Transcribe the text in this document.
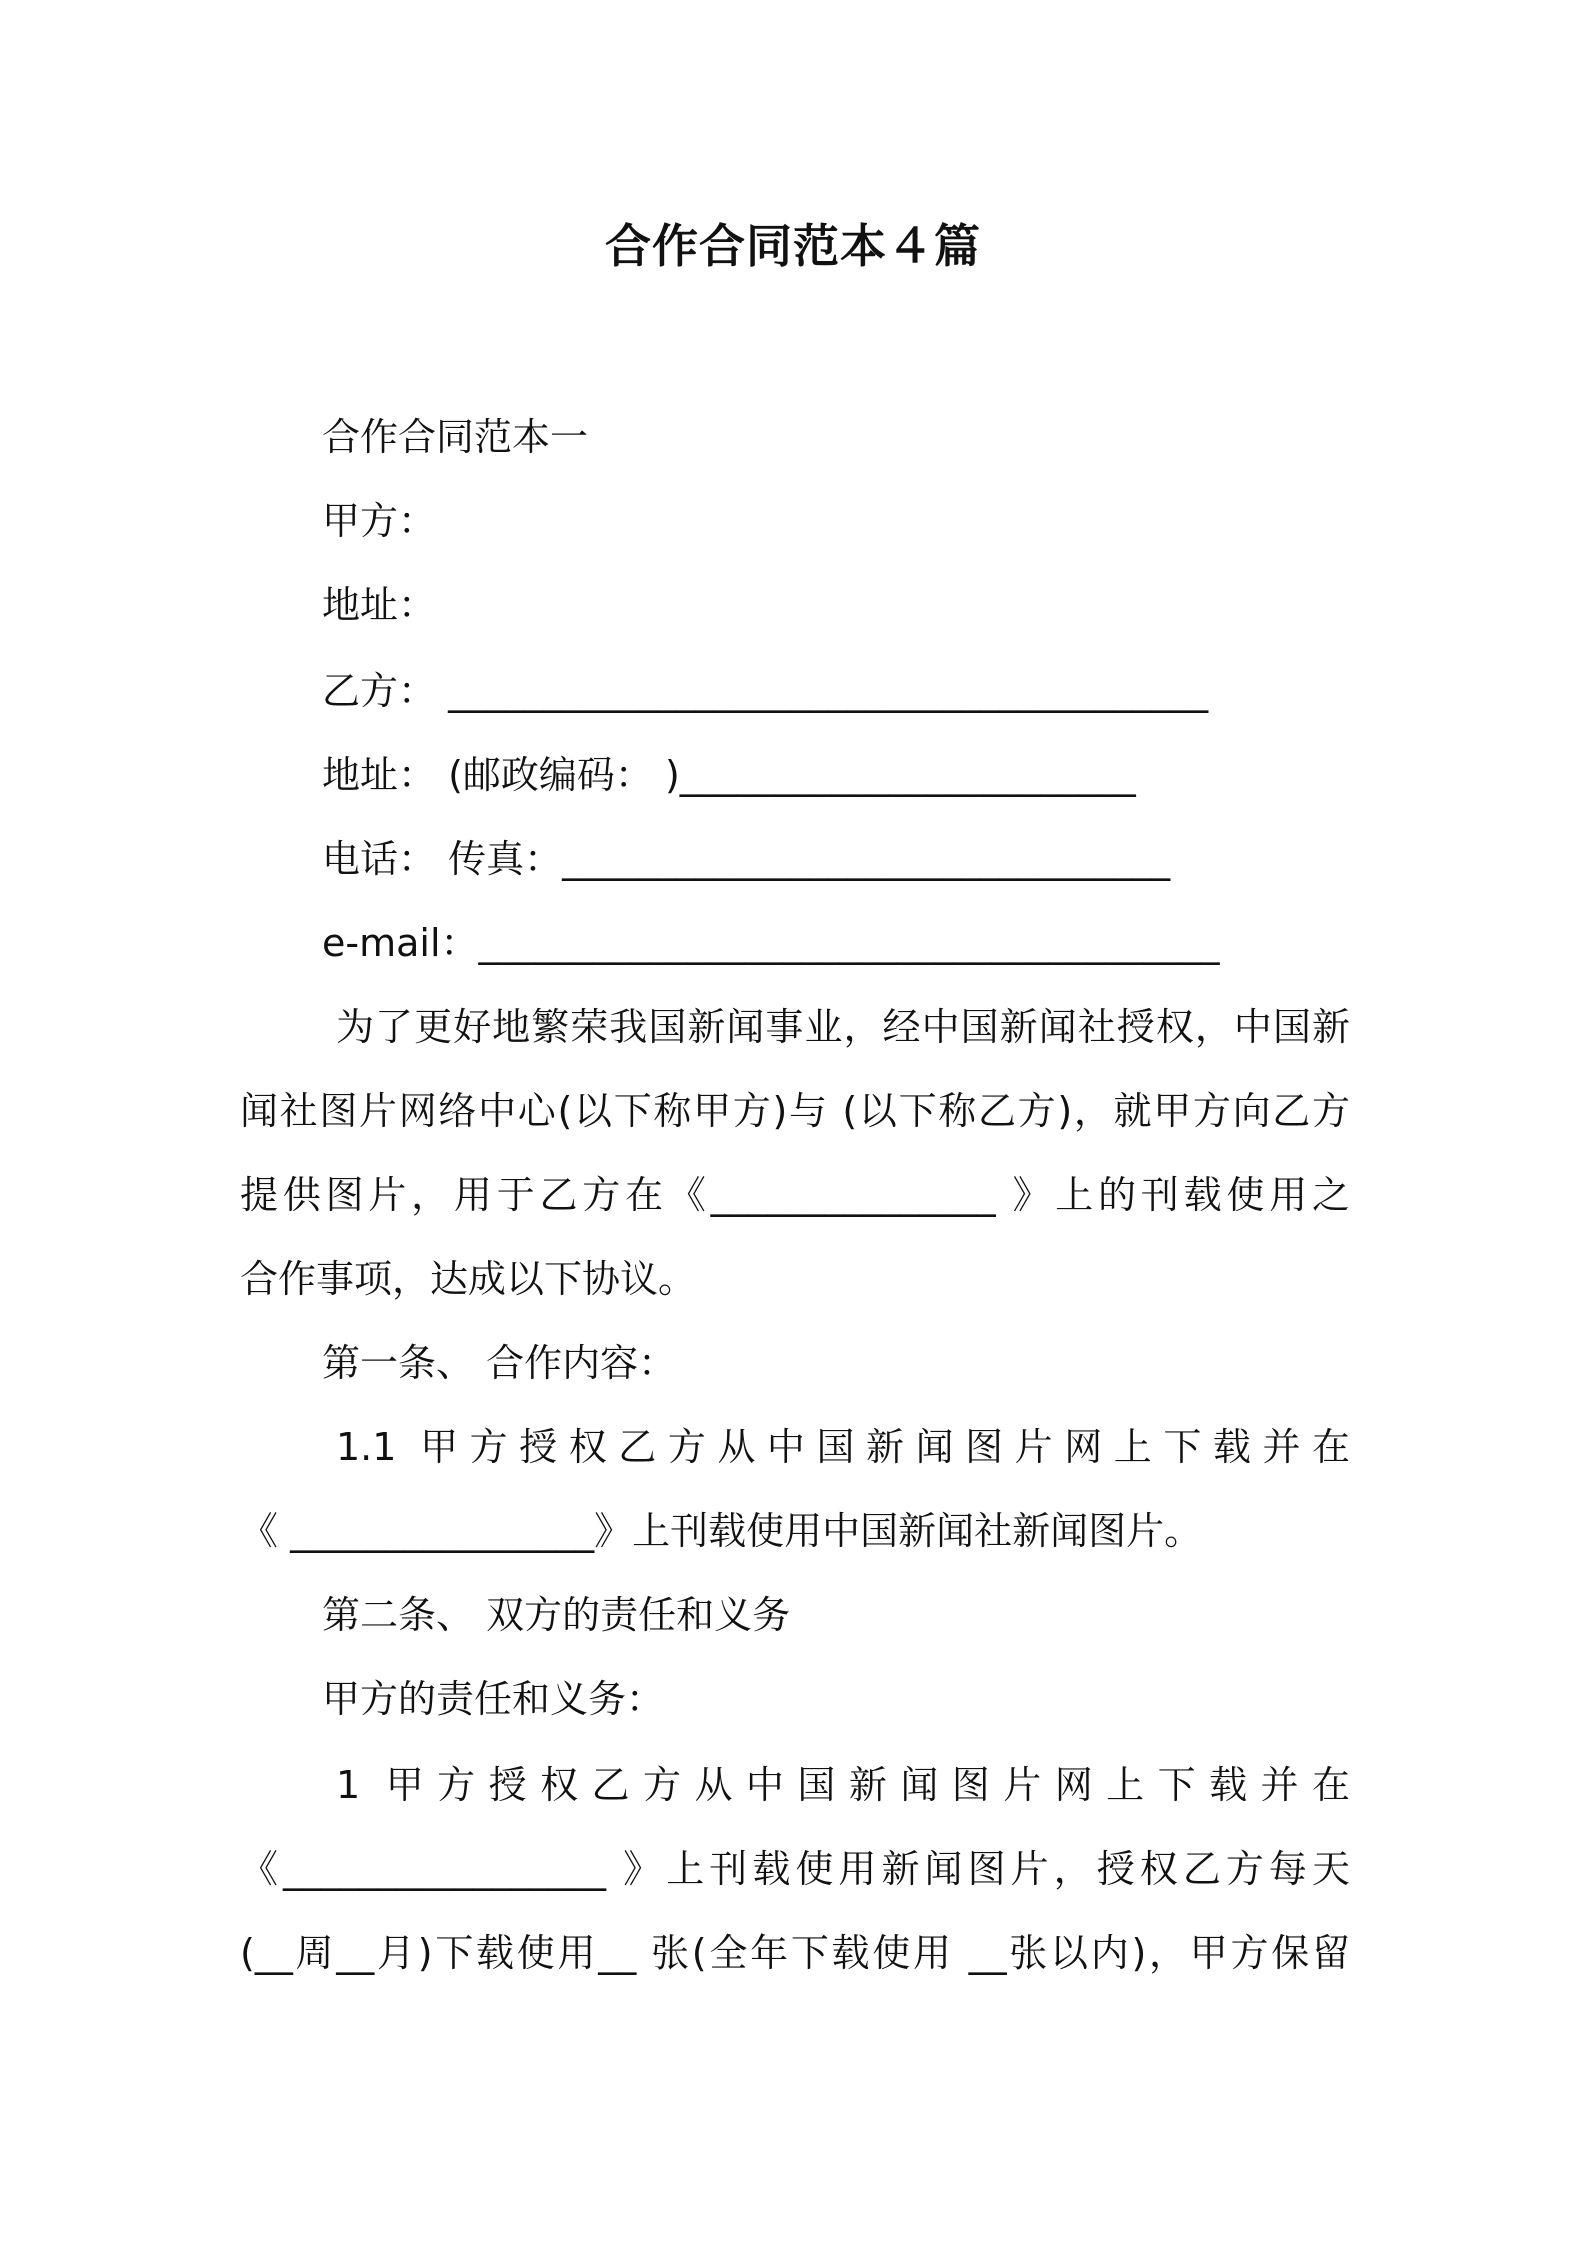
合作合同范本４篇
合作合同范本一
甲方：
地址：
乙方： ________________________________________
地址： (邮政编码： )________________________
电话： 传真：________________________________
e-mail：_______________________________________
为了更好地繁荣我国新闻事业，经中国新闻社授权，中国新
闻社图片网络中心(以下称甲方)与 (以下称乙方)，就甲方向乙方
提供图片，用于乙方在《_______________ 》上的刊载使用之
合作事项，达成以下协议。
第一条、 合作内容：
1.1 甲方授权乙方从中国新闻图片网上下载并在
《 ________________》上刊载使用中国新闻社新闻图片。
第二条、 双方的责任和义务
甲方的责任和义务：
1 甲方授权乙方从中国新闻图片网上下载并在
《_________________ 》上刊载使用新闻图片，授权乙方每天
(__周__月)下载使用__ 张(全年下载使用 __张以内)，甲方保留
